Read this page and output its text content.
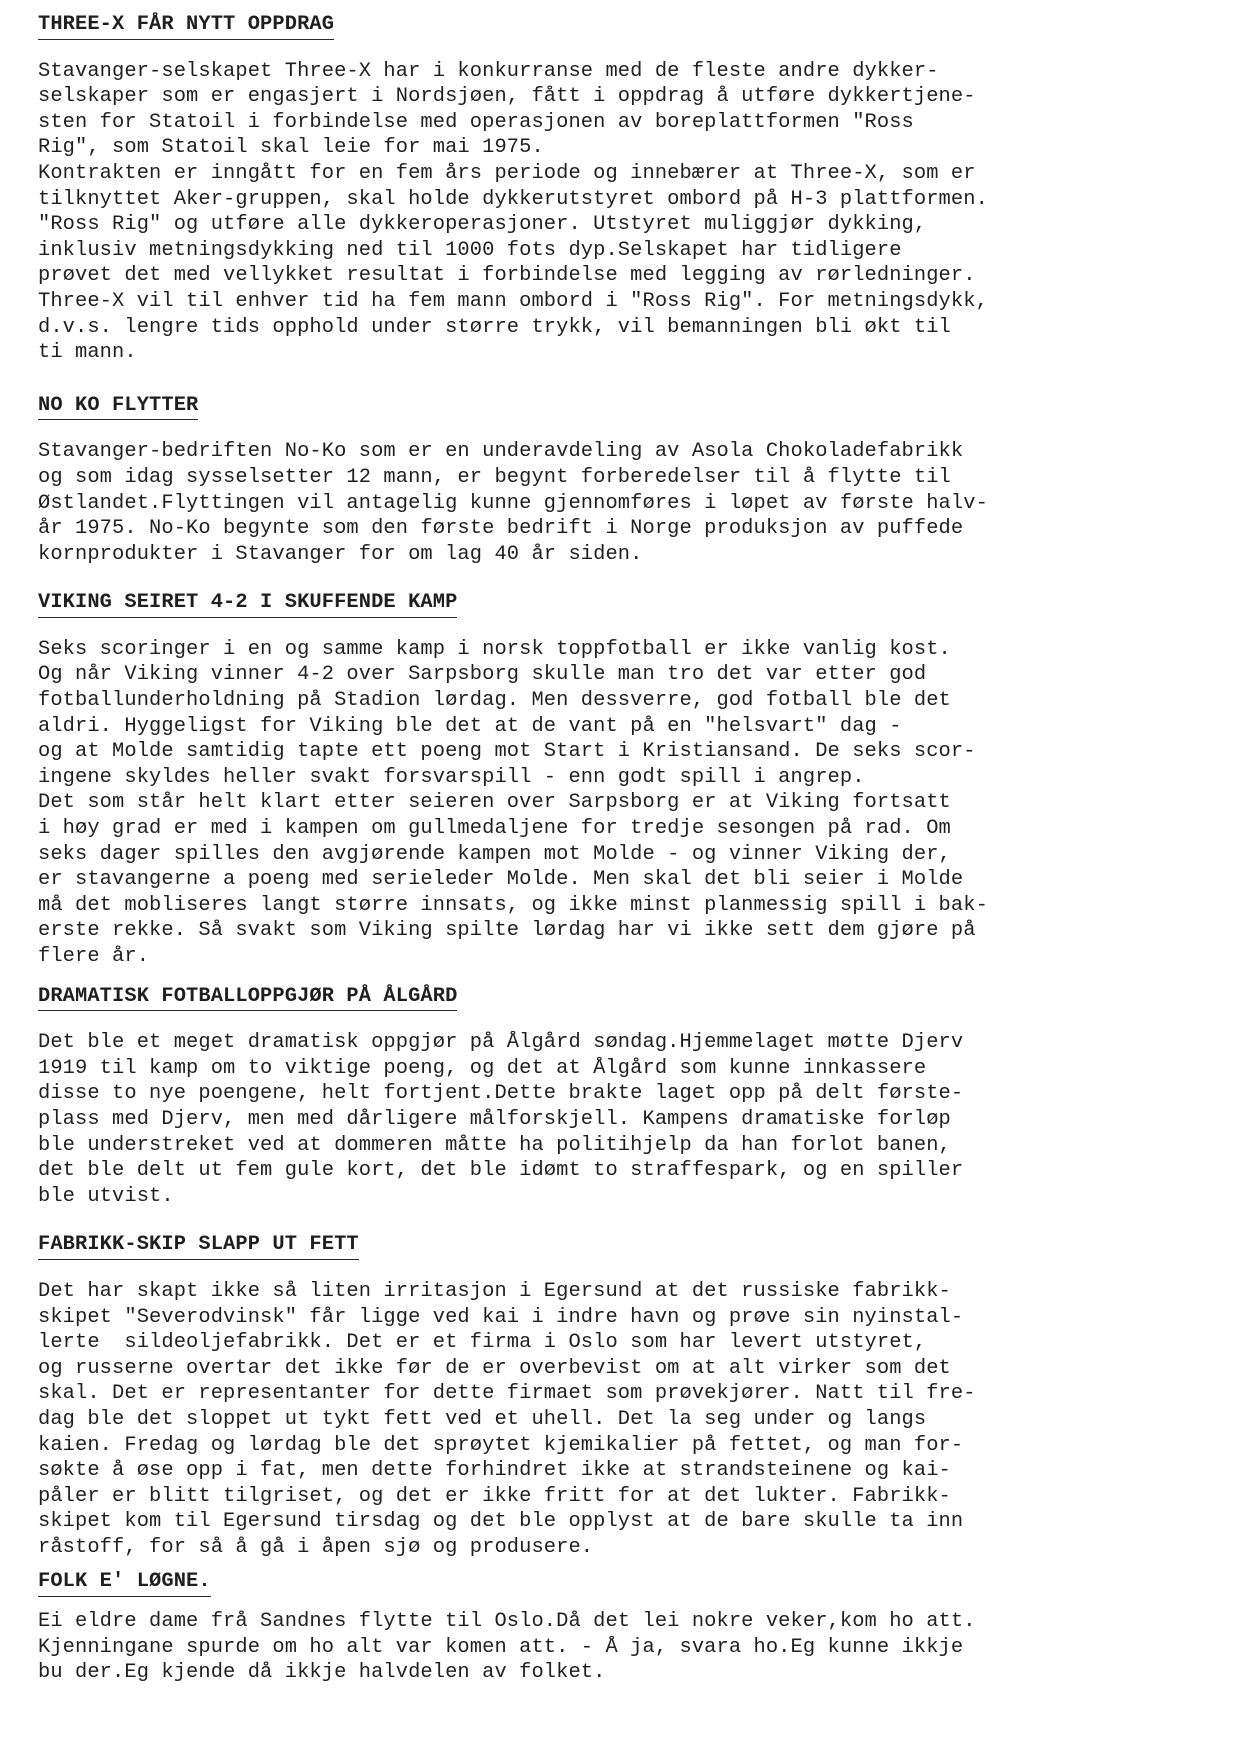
THREE-X FÅR NYTT OPPDRAG
Stavanger-selskapet Three-X har i konkurranse med de fleste andre dykker-
selskaper som er engasjert i Nordsjøen, fått i oppdrag å utføre dykkertjene-
sten for Statoil i forbindelse med operasjonen av boreplattformen "Ross
Rig", som Statoil skal leie for mai 1975.
Kontrakten er inngått for en fem års periode og innebærer at Three-X, som er
tilknyttet Aker-gruppen, skal holde dykkerutstyret ombord på H-3 plattformen.
"Ross Rig" og utføre alle dykkeroperasjoner. Utstyret muliggjør dykking,
inklusiv metningsdykking ned til 1000 fots dyp.Selskapet har tidligere
prøvet det med vellykket resultat i forbindelse med legging av rørledninger.
Three-X vil til enhver tid ha fem mann ombord i "Ross Rig". For metningsdykk,
d.v.s. lengre tids opphold under større trykk, vil bemanningen bli økt til
ti mann.
NO KO FLYTTER
Stavanger-bedriften No-Ko som er en underavdeling av Asola Chokoladefabrikk
og som idag sysselsetter 12 mann, er begynt forberedelser til å flytte til
Østlandet.Flyttingen vil antagelig kunne gjennomføres i løpet av første halv-
år 1975. No-Ko begynte som den første bedrift i Norge produksjon av puffede
kornprodukter i Stavanger for om lag 40 år siden.
VIKING SEIRET 4-2 I SKUFFENDE KAMP
Seks scoringer i en og samme kamp i norsk toppfotball er ikke vanlig kost.
Og når Viking vinner 4-2 over Sarpsborg skulle man tro det var etter god
fotballunderholdning på Stadion lørdag. Men dessverre, god fotball ble det
aldri. Hyggeligst for Viking ble det at de vant på en "helsvart" dag -
og at Molde samtidig tapte ett poeng mot Start i Kristiansand. De seks scor-
ingene skyldes heller svakt forsvarspill - enn godt spill i angrep.
Det som står helt klart etter seieren over Sarpsborg er at Viking fortsatt
i høy grad er med i kampen om gullmedaljene for tredje sesongen på rad. Om
seks dager spilles den avgjørende kampen mot Molde - og vinner Viking der,
er stavangerne a poeng med serieleder Molde. Men skal det bli seier i Molde
må det mobliseres langt større innsats, og ikke minst planmessig spill i bak-
erste rekke. Så svakt som Viking spilte lørdag har vi ikke sett dem gjøre på
flere år.
DRAMATISK FOTBALLOPPGJØR PÅ ÅLGÅRD
Det ble et meget dramatisk oppgjør på Ålgård søndag.Hjemmelaget møtte Djerv
1919 til kamp om to viktige poeng, og det at Ålgård som kunne innkassere
disse to nye poengene, helt fortjent.Dette brakte laget opp på delt første-
plass med Djerv, men med dårligere målforskjell. Kampens dramatiske forløp
ble understreket ved at dommeren måtte ha politihjelp da han forlot banen,
det ble delt ut fem gule kort, det ble idømt to straffespark, og en spiller
ble utvist.
FABRIKK-SKIP SLAPP UT FETT
Det har skapt ikke så liten irritasjon i Egersund at det russiske fabrikk-
skipet "Severodvinsk" får ligge ved kai i indre havn og prøve sin nyinstal-
lerte  sildeoljefabrikk. Det er et firma i Oslo som har levert utstyret,
og russerne overtar det ikke før de er overbevist om at alt virker som det
skal. Det er representanter for dette firmaet som prøvekjører. Natt til fre-
dag ble det sloppet ut tykt fett ved et uhell. Det la seg under og langs
kaien. Fredag og lørdag ble det sprøytet kjemikalier på fettet, og man for-
søkte å øse opp i fat, men dette forhindret ikke at strandsteinene og kai-
påler er blitt tilgriset, og det er ikke fritt for at det lukter. Fabrikk-
skipet kom til Egersund tirsdag og det ble opplyst at de bare skulle ta inn
råstoff, for så å gå i åpen sjø og produsere.
FOLK E' LØGNE.
Ei eldre dame frå Sandnes flytte til Oslo.Då det lei nokre veker,kom ho att.
Kjenningane spurde om ho alt var komen att. - Å ja, svara ho.Eg kunne ikkje
bu der.Eg kjende då ikkje halvdelen av folket.
